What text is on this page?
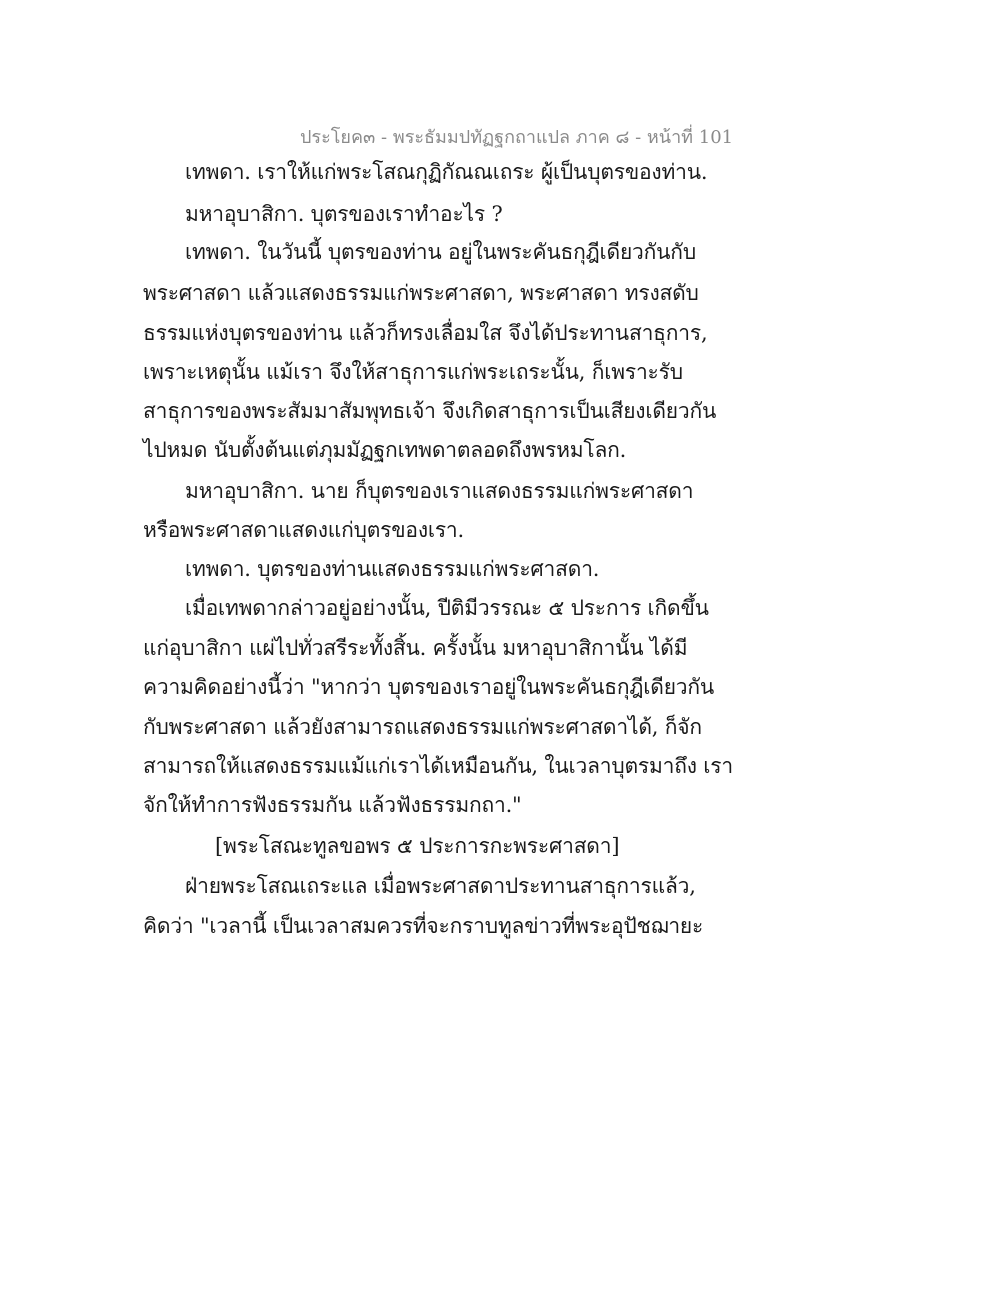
ประโยค๓ - พระธัมมปทัฏฐกถาแปล ภาค ๘ - หน้าที่ 101
เทพดา. เราให้แก่พระโสณกุฏิกัณณเถระ ผู้เป็นบุตรของท่าน.
มหาอุบาสิกา. บุตรของเราทำอะไร ?
เทพดา. ในวันนี้ บุตรของท่าน อยู่ในพระคันธกุฎีเดียวกันกับ
พระศาสดา แล้วแสดงธรรมแก่พระศาสดา, พระศาสดา ทรงสดับ
ธรรมแห่งบุตรของท่าน แล้วก็ทรงเลื่อมใส จึงได้ประทานสาธุการ,
เพราะเหตุนั้น แม้เรา จึงให้สาธุการแก่พระเถระนั้น, ก็เพราะรับ
สาธุการของพระสัมมาสัมพุทธเจ้า จึงเกิดสาธุการเป็นเสียงเดียวกัน
ไปหมด นับตั้งต้นแต่ภุมมัฏฐกเทพดาตลอดถึงพรหมโลก.
มหาอุบาสิกา. นาย ก็บุตรของเราแสดงธรรมแก่พระศาสดา
หรือพระศาสดาแสดงแก่บุตรของเรา.
เทพดา. บุตรของท่านแสดงธรรมแก่พระศาสดา.
เมื่อเทพดากล่าวอยู่อย่างนั้น, ปีติมีวรรณะ ๕ ประการ เกิดขึ้น
แก่อุบาสิกา แผ่ไปทั่วสรีระทั้งสิ้น. ครั้งนั้น มหาอุบาสิกานั้น ได้มี
ความคิดอย่างนี้ว่า "หากว่า บุตรของเราอยู่ในพระคันธกุฎีเดียวกัน
กับพระศาสดา แล้วยังสามารถแสดงธรรมแก่พระศาสดาได้, ก็จัก
สามารถให้แสดงธรรมแม้แก่เราได้เหมือนกัน, ในเวลาบุตรมาถึง เรา
จักให้ทำการฟังธรรมกัน แล้วฟังธรรมกถา."
[พระโสณะทูลขอพร ๕ ประการกะพระศาสดา]
ฝ่ายพระโสณเถระแล เมื่อพระศาสดาประทานสาธุการแล้ว,
คิดว่า "เวลานี้ เป็นเวลาสมควรที่จะกราบทูลข่าวที่พระอุปัชฌายะ
